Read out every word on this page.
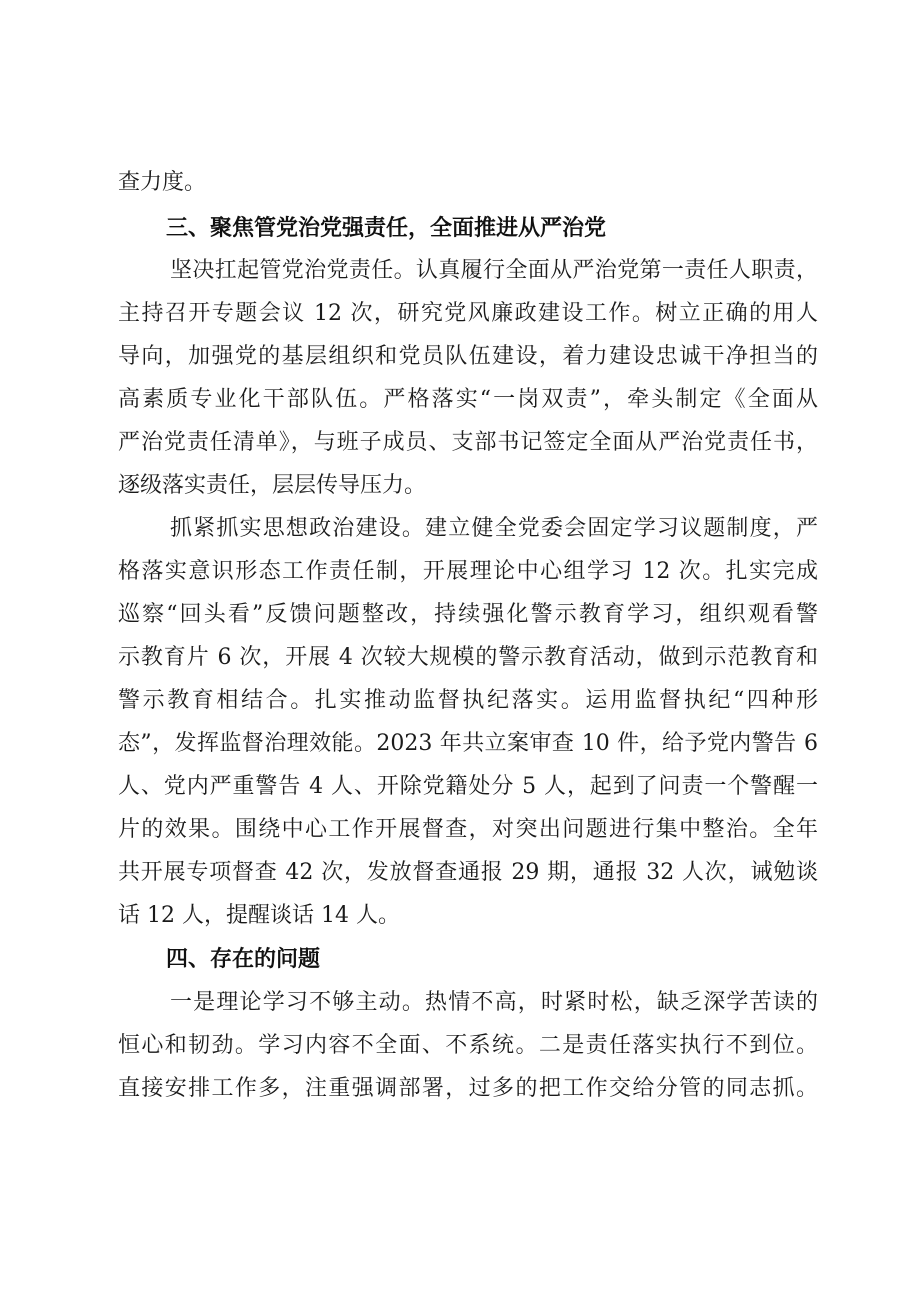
查力度。
三、聚焦管党治党强责任，全面推进从严治党
坚决扛起管党治党责任。认真履行全面从严治党第一责任人职责，
主持召开专题会议 12 次，研究党风廉政建设工作。树立正确的用人
导向，加强党的基层组织和党员队伍建设，着力建设忠诚干净担当的
高素质专业化干部队伍。严格落实“一岗双责”，牵头制定《全面从
严治党责任清单》，与班子成员、支部书记签定全面从严治党责任书，
逐级落实责任，层层传导压力。
抓紧抓实思想政治建设。建立健全党委会固定学习议题制度，严
格落实意识形态工作责任制，开展理论中心组学习 12 次。扎实完成
巡察“回头看”反馈问题整改，持续强化警示教育学习，组织观看警
示教育片 6 次，开展 4 次较大规模的警示教育活动，做到示范教育和
警示教育相结合。扎实推动监督执纪落实。运用监督执纪“四种形
态”，发挥监督治理效能。2023 年共立案审查 10 件，给予党内警告 6
人、党内严重警告 4 人、开除党籍处分 5 人，起到了问责一个警醒一
片的效果。围绕中心工作开展督查，对突出问题进行集中整治。全年
共开展专项督查 42 次，发放督查通报 29 期，通报 32 人次，诫勉谈
话 12 人，提醒谈话 14 人。
四、存在的问题
一是理论学习不够主动。热情不高，时紧时松，缺乏深学苦读的
恒心和韧劲。学习内容不全面、不系统。二是责任落实执行不到位。
直接安排工作多，注重强调部署，过多的把工作交给分管的同志抓。
